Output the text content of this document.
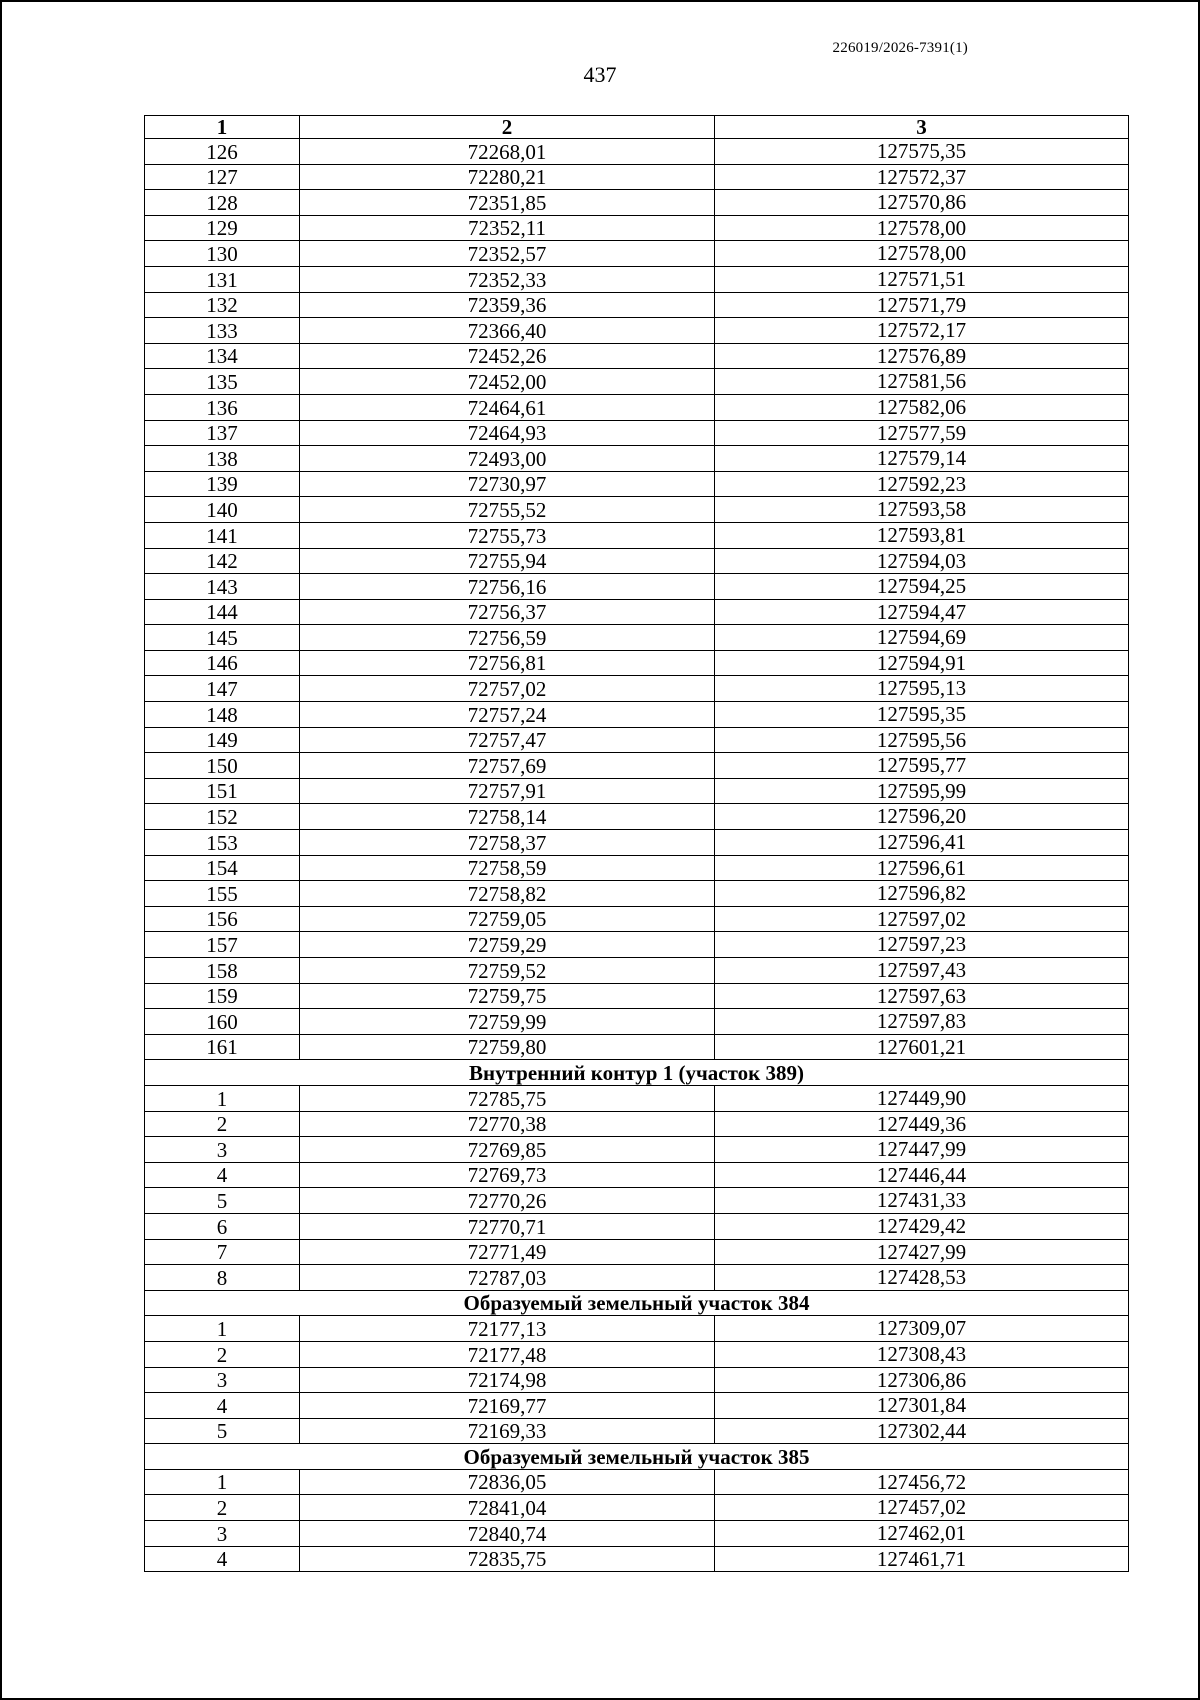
226019/2026-7391(1)
437
1	2	3
126	72268,01	127575,35
127	72280,21	127572,37
128	72351,85	127570,86
129	72352,11	127578,00
130	72352,57	127578,00
131	72352,33	127571,51
132	72359,36	127571,79
133	72366,40	127572,17
134	72452,26	127576,89
135	72452,00	127581,56
136	72464,61	127582,06
137	72464,93	127577,59
138	72493,00	127579,14
139	72730,97	127592,23
140	72755,52	127593,58
141	72755,73	127593,81
142	72755,94	127594,03
143	72756,16	127594,25
144	72756,37	127594,47
145	72756,59	127594,69
146	72756,81	127594,91
147	72757,02	127595,13
148	72757,24	127595,35
149	72757,47	127595,56
150	72757,69	127595,77
151	72757,91	127595,99
152	72758,14	127596,20
153	72758,37	127596,41
154	72758,59	127596,61
155	72758,82	127596,82
156	72759,05	127597,02
157	72759,29	127597,23
158	72759,52	127597,43
159	72759,75	127597,63
160	72759,99	127597,83
161	72759,80	127601,21
Внутренний контур 1 (участок 389)		
1	72785,75	127449,90
2	72770,38	127449,36
3	72769,85	127447,99
4	72769,73	127446,44
5	72770,26	127431,33
6	72770,71	127429,42
7	72771,49	127427,99
8	72787,03	127428,53
Образуемый земельный участок 384		
1	72177,13	127309,07
2	72177,48	127308,43
3	72174,98	127306,86
4	72169,77	127301,84
5	72169,33	127302,44
Образуемый земельный участок 385		
1	72836,05	127456,72
2	72841,04	127457,02
3	72840,74	127462,01
4	72835,75	127461,71
